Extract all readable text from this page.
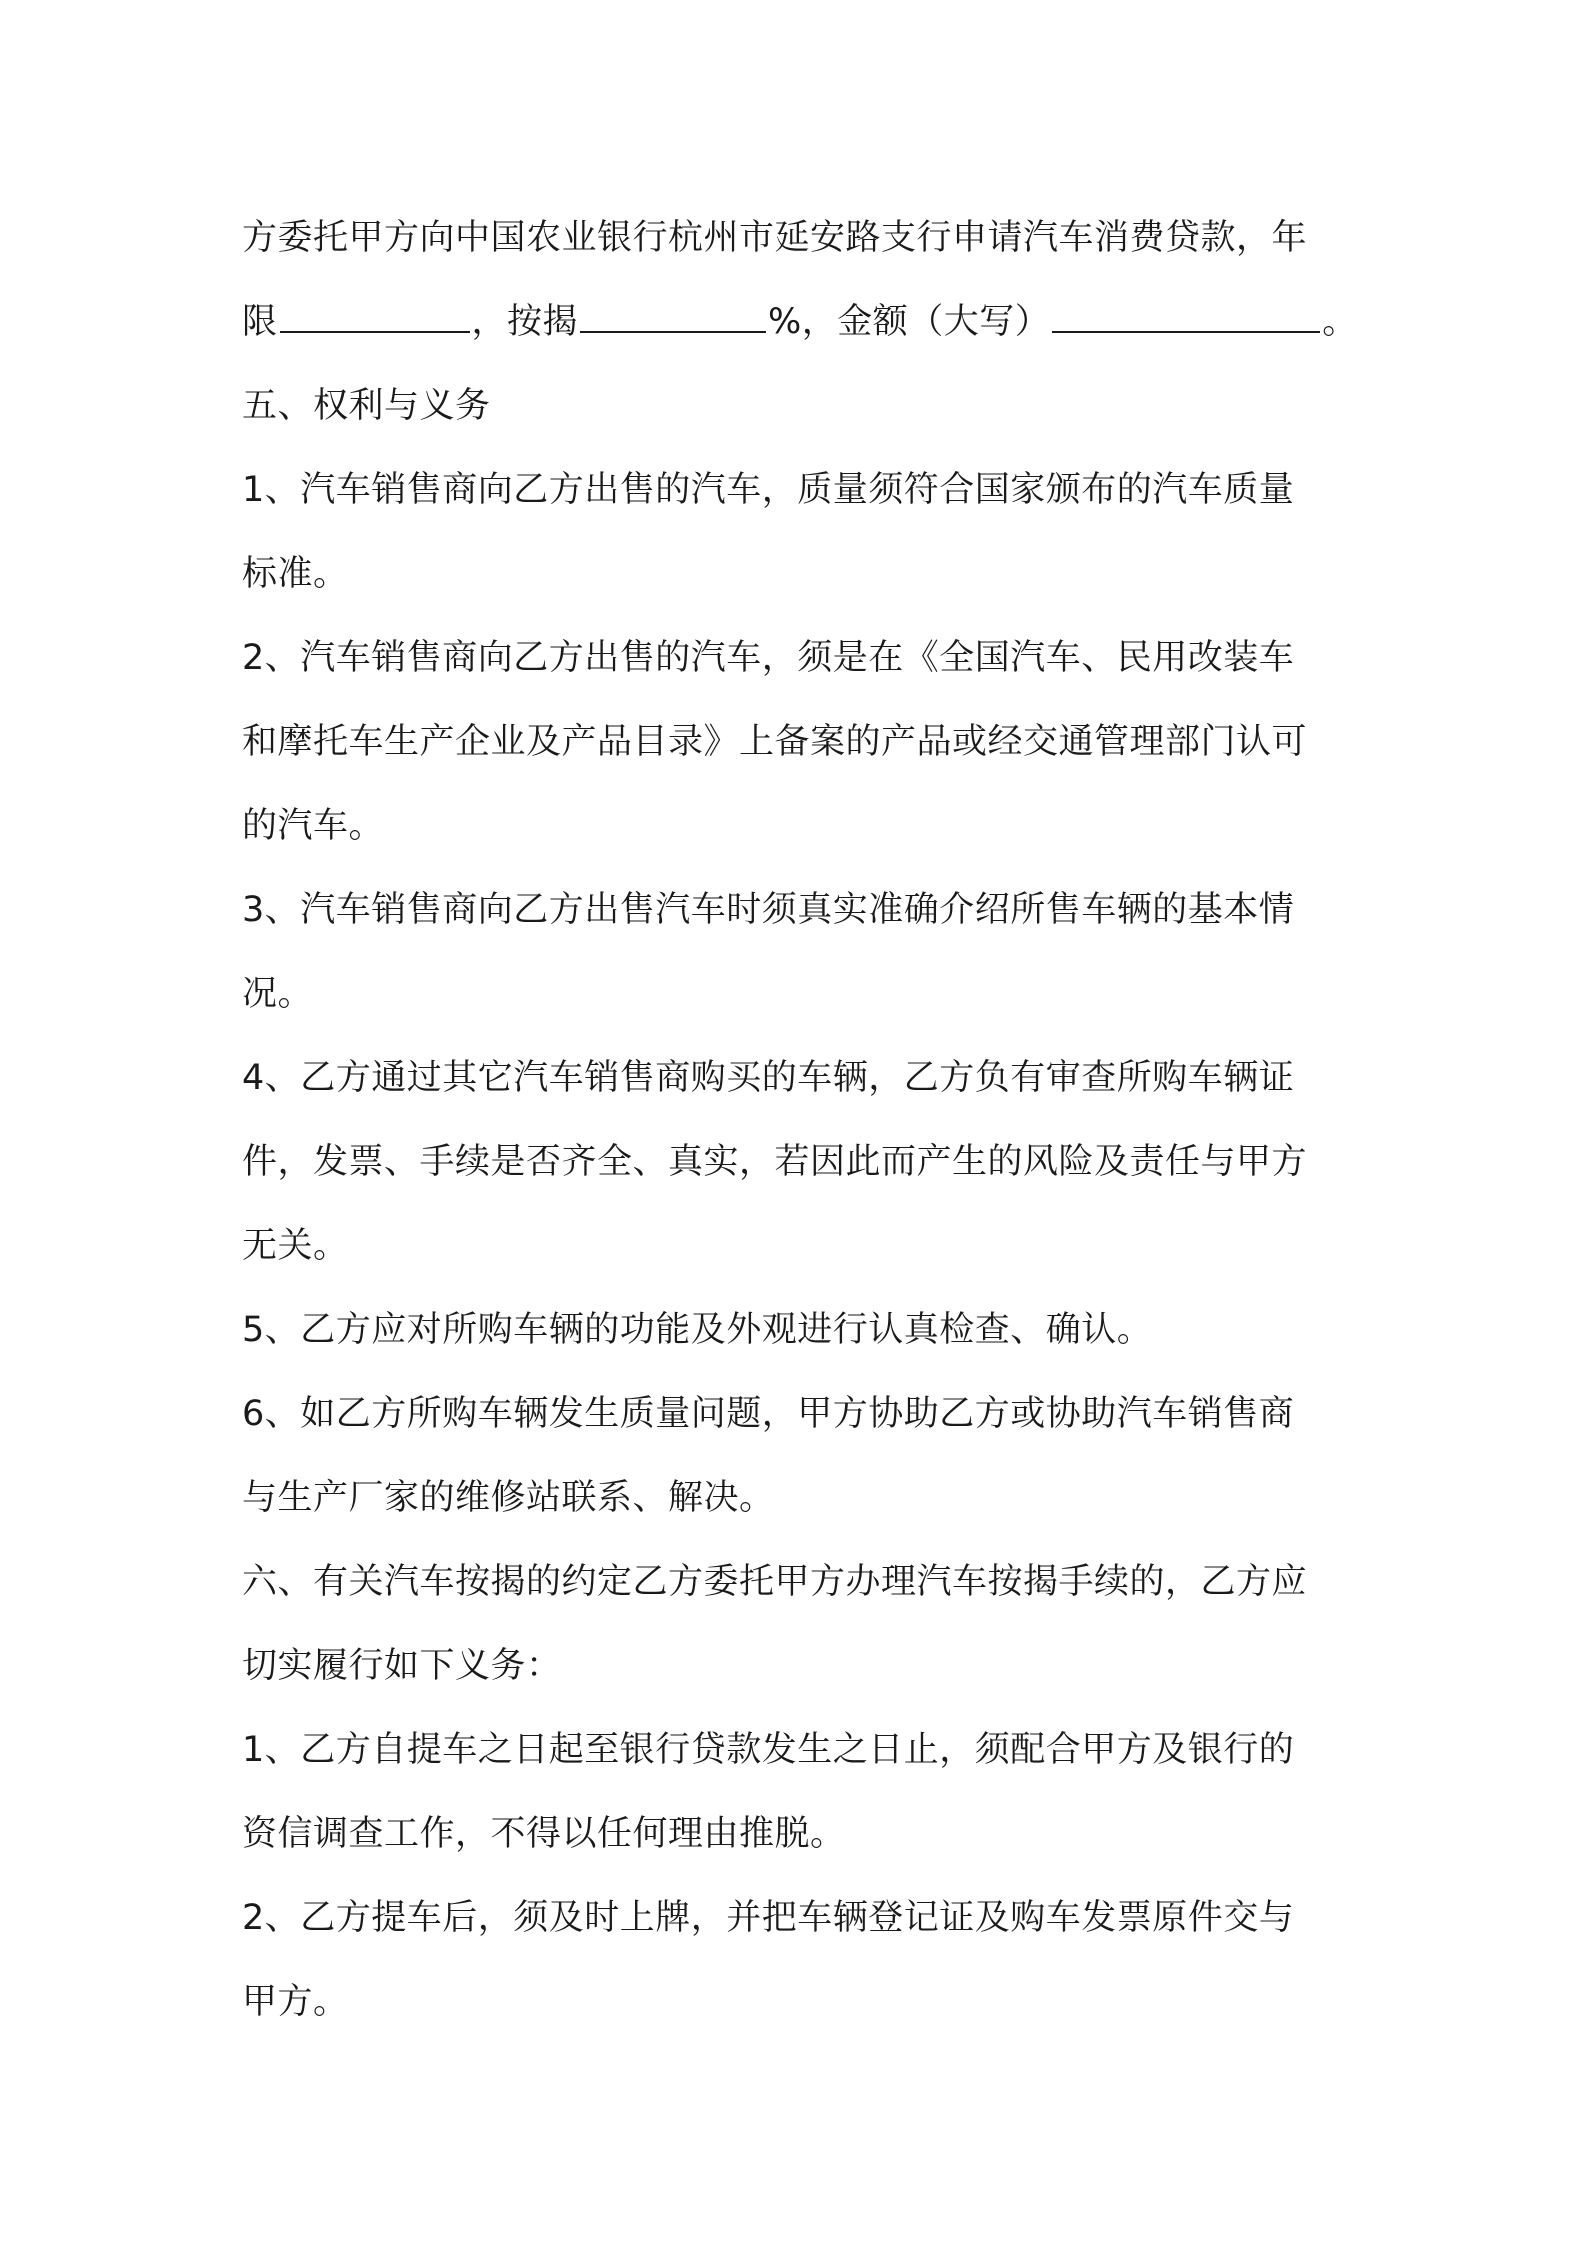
方委托甲方向中国农业银行杭州市延安路支行申请汽车消费贷款，年
限	，按揭	%，金额（大写）	。
五、权利与义务
1、汽车销售商向乙方出售的汽车，质量须符合国家颁布的汽车质量
标准。
2、汽车销售商向乙方出售的汽车，须是在《全国汽车、民用改装车
和摩托车生产企业及产品目录》上备案的产品或经交通管理部门认可
的汽车。
3、汽车销售商向乙方出售汽车时须真实准确介绍所售车辆的基本情
况。
4、乙方通过其它汽车销售商购买的车辆，乙方负有审查所购车辆证
件，发票、手续是否齐全、真实，若因此而产生的风险及责任与甲方
无关。
5、乙方应对所购车辆的功能及外观进行认真检查、确认。
6、如乙方所购车辆发生质量问题，甲方协助乙方或协助汽车销售商
与生产厂家的维修站联系、解决。
六、有关汽车按揭的约定乙方委托甲方办理汽车按揭手续的，乙方应
切实履行如下义务：
1、乙方自提车之日起至银行贷款发生之日止，须配合甲方及银行的
资信调查工作，不得以任何理由推脱。
2、乙方提车后，须及时上牌，并把车辆登记证及购车发票原件交与
甲方。
